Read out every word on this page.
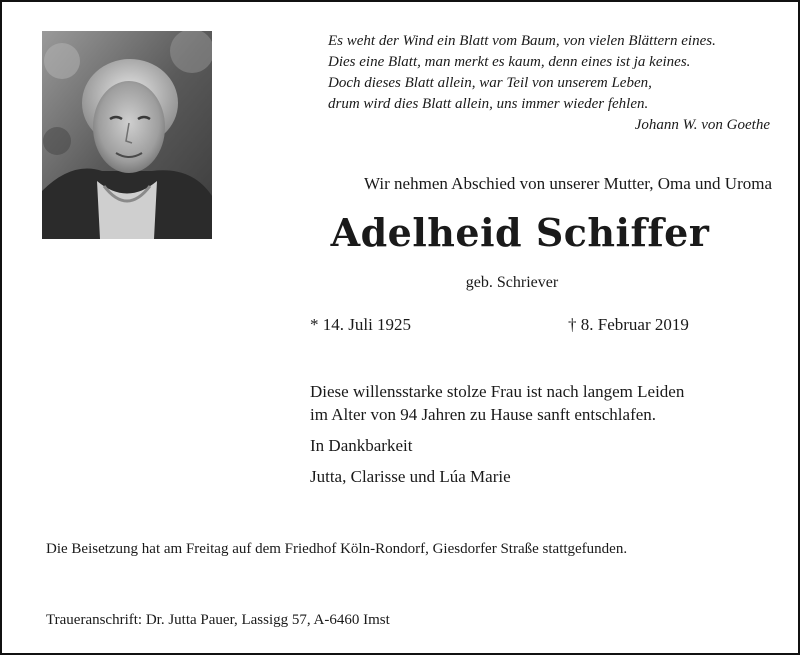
Es weht der Wind ein Blatt vom Baum, von vielen Blättern eines.
Dies eine Blatt, man merkt es kaum, denn eines ist ja keines.
Doch dieses Blatt allein, war Teil von unserem Leben,
drum wird dies Blatt allein, uns immer wieder fehlen.
Johann W. von Goethe
Wir nehmen Abschied von unserer Mutter, Oma und Uroma
Adelheid Schiffer
geb. Schriever
* 14. Juli 1925	† 8. Februar 2019
Diese willensstarke stolze Frau ist nach langem Leiden
im Alter von 94 Jahren zu Hause sanft entschlafen.
In Dankbarkeit
Jutta, Clarisse und Lúa Marie
Die Beisetzung hat am Freitag auf dem Friedhof Köln-Rondorf, Giesdorfer Straße stattgefunden.
Traueranschrift: Dr. Jutta Pauer, Lassigg 57, A-6460 Imst
